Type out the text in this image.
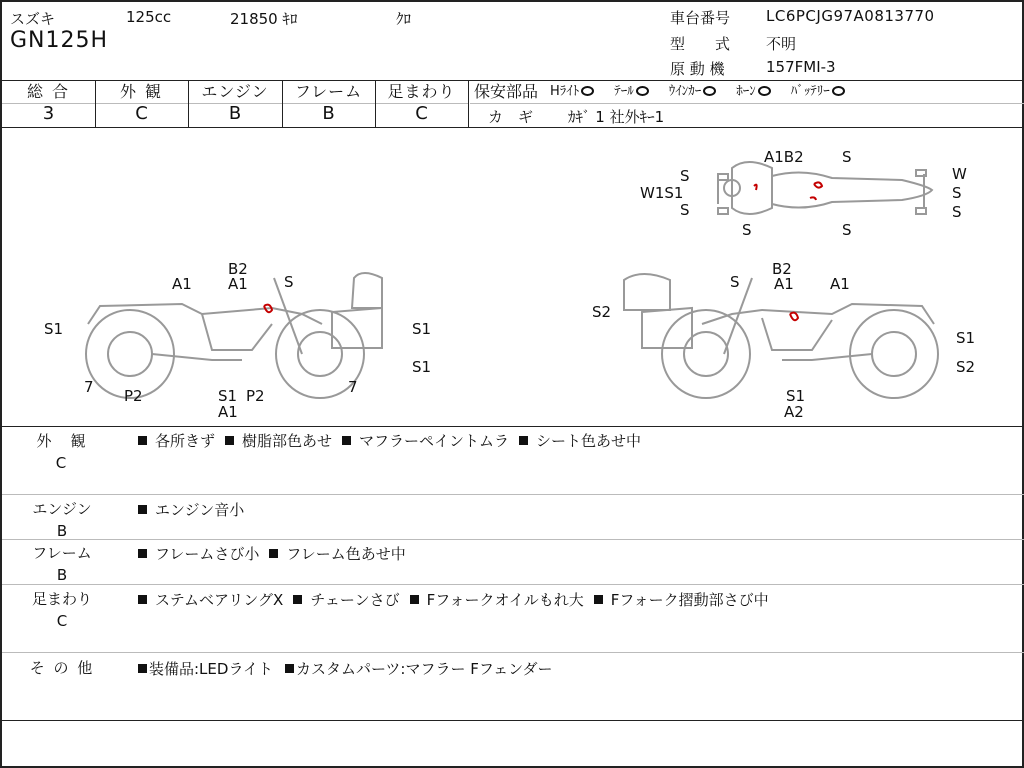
スズキ	125cc	21850 ｷﾛ	ｸﾛ
GN125H
車台番号 LC6PCJG97A0813770
型　　式 不明
原 動 機	157FMI-3
総 合
3
外 観
C
エンジン
B
フレーム
B
足まわり
C
保安部品 Hﾗｲﾄ	ﾃｰﾙ	ｳｲﾝｶｰ	ﾎｰﾝ	ﾊﾞｯﾃﾘｰ
カ　ギ ｶｷﾞ 1 社外ｷｰ1
A1B2	S
S	W
W1S1	S
S	S
S	S
B2
A1 A1 S
S1	S1
S1
7 P2	S1 P2
A1
7
S
B2
A1 A1
S2
S1
S2
S1
A2
外　観
C
各所きず	樹脂部色あせ	マフラーペイントムラ	シート色あせ中
エンジン
B
エンジン音小
フレーム
B
フレームさび小	フレーム色あせ中
足まわり
C
ステムベアリングX	チェーンさび	Fフォークオイルもれ大	Fフォーク摺動部さび中
そ の 他	装備品:LEDライト	カスタムパーツ:マフラー Fフェンダー
